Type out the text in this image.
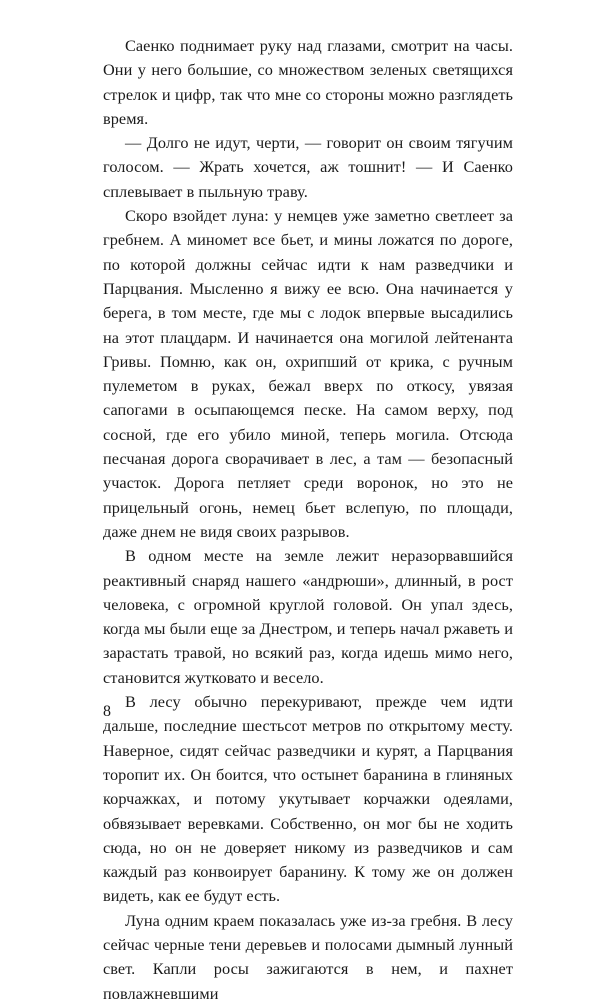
Саенко поднимает руку над глазами, смотрит на часы. Они у него большие, со множеством зеленых светящихся стрелок и цифр, так что мне со стороны можно разглядеть время.

— Долго не идут, черти, — говорит он своим тягучим голосом. — Жрать хочется, аж тошнит! — И Саенко сплевывает в пыльную траву.

Скоро взойдет луна: у немцев уже заметно светлеет за гребнем. А миномет все бьет, и мины ложатся по дороге, по которой должны сейчас идти к нам разведчики и Парцвания. Мысленно я вижу ее всю. Она начинается у берега, в том месте, где мы с лодок впервые высадились на этот плацдарм. И начинается она могилой лейтенанта Гривы. Помню, как он, охрипший от крика, с ручным пулеметом в руках, бежал вверх по откосу, увязая сапогами в осыпающемся песке. На самом верху, под сосной, где его убило миной, теперь могила. Отсюда песчаная дорога сворачивает в лес, а там — безопасный участок. Дорога петляет среди воронок, но это не прицельный огонь, немец бьет вслепую, по площади, даже днем не видя своих разрывов.

В одном месте на земле лежит неразорвавшийся реактивный снаряд нашего «андрюши», длинный, в рост человека, с огромной круглой головой. Он упал здесь, когда мы были еще за Днестром, и теперь начал ржаветь и зарастать травой, но всякий раз, когда идешь мимо него, становится жутковато и весело.

В лесу обычно перекуривают, прежде чем идти дальше, последние шестьсот метров по открытому месту. Наверное, сидят сейчас разведчики и курят, а Парцвания торопит их. Он боится, что остынет баранина в глиняных корчажках, и потому укутывает корчажки одеялами, обвязывает веревками. Собственно, он мог бы не ходить сюда, но он не доверяет никому из разведчиков и сам каждый раз конвоирует баранину. К тому же он должен видеть, как ее будут есть.

Луна одним краем показалась уже из-за гребня. В лесу сейчас черные тени деревьев и полосами дымный лунный свет. Капли росы зажигаются в нем, и пахнет повлажневшими

8
